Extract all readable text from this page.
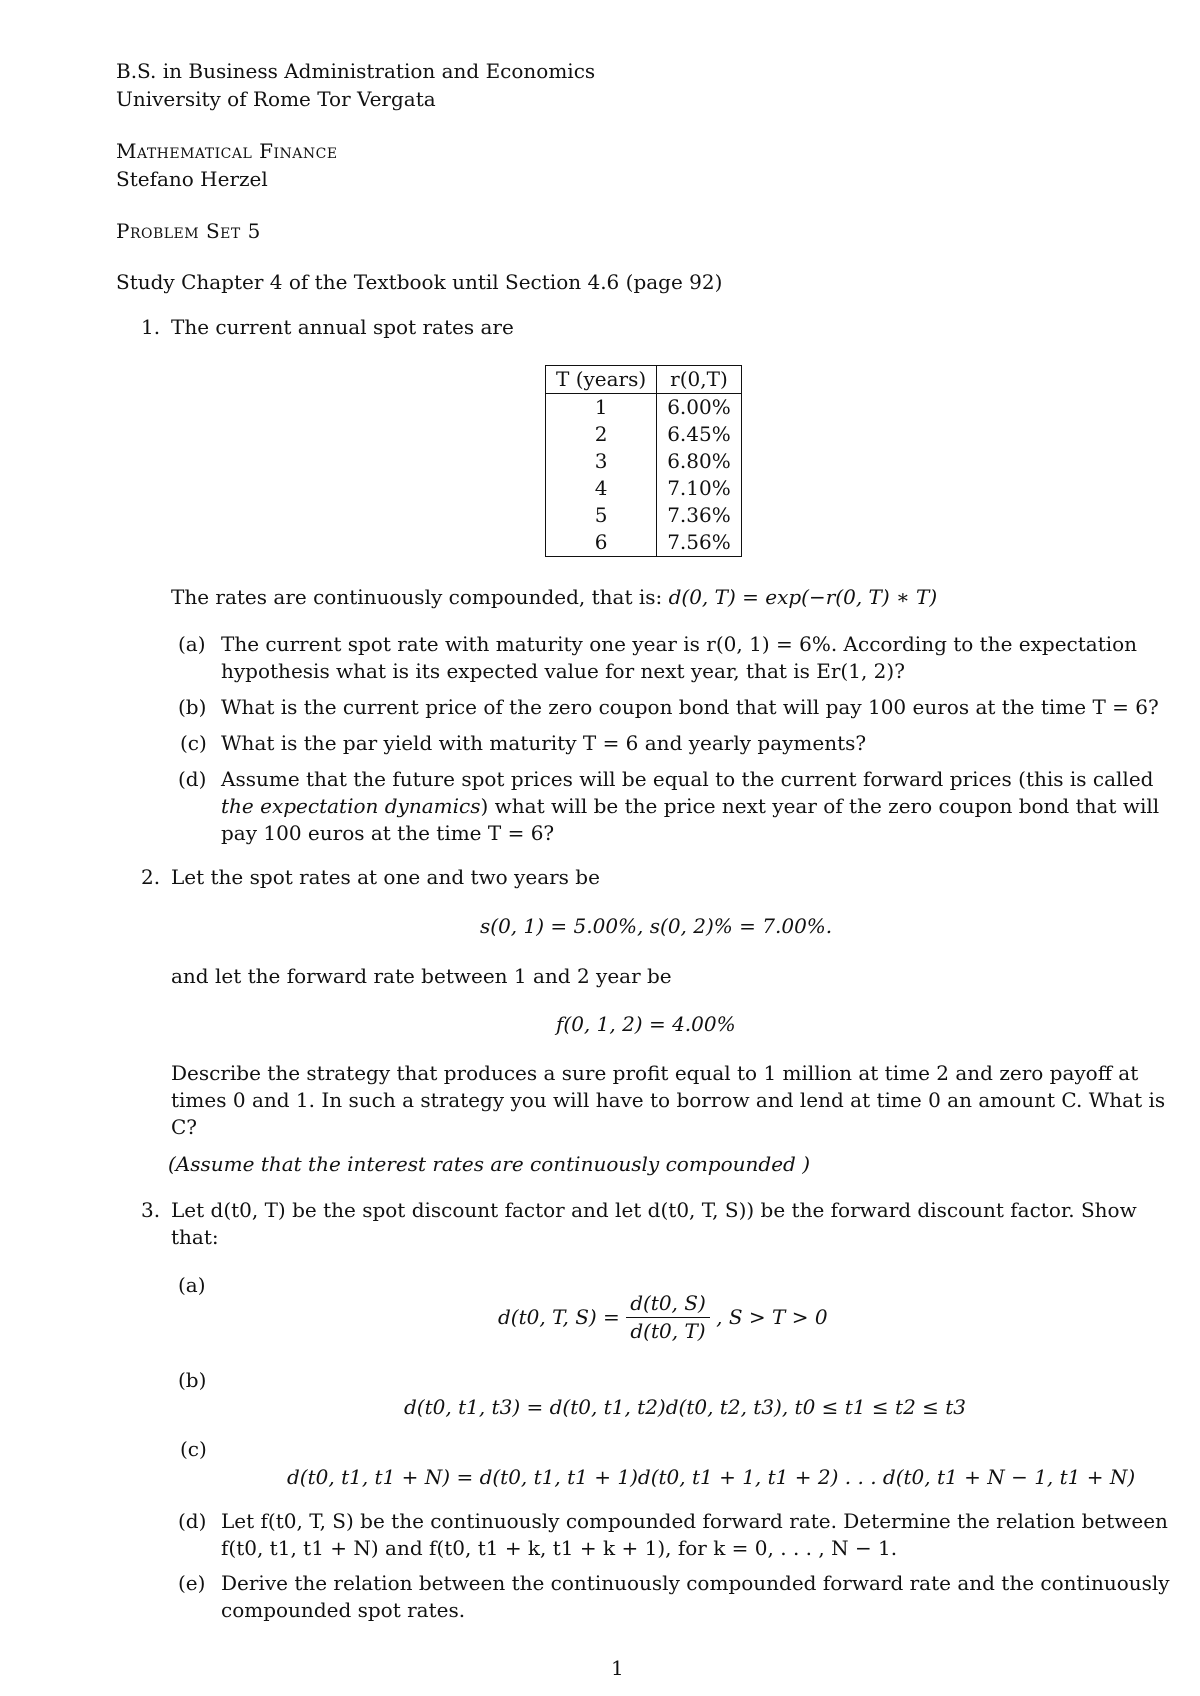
B.S. in Business Administration and Economics
University of Rome Tor Vergata
Mathematical Finance
Stefano Herzel
Problem Set 5
Study Chapter 4 of the Textbook until Section 4.6 (page 92)
1. The current annual spot rates are
T (years)	r(0,T)
1	6.00%
2	6.45%
3	6.80%
4	7.10%
5	7.36%
6	7.56%
The rates are continuously compounded, that is: d(0, T) = exp(−r(0, T) ∗ T)
(a) The current spot rate with maturity one year is r(0, 1) = 6%. According to the expectation
hypothesis what is its expected value for next year, that is Er(1, 2)?
(b) What is the current price of the zero coupon bond that will pay 100 euros at the time T = 6?
(c) What is the par yield with maturity T = 6 and yearly payments?
(d) Assume that the future spot prices will be equal to the current forward prices (this is called
the expectation dynamics) what will be the price next year of the zero coupon bond that will
pay 100 euros at the time T = 6?
2. Let the spot rates at one and two years be
s(0, 1) = 5.00%, s(0, 2)% = 7.00%.
and let the forward rate between 1 and 2 year be
f(0, 1, 2) = 4.00%
Describe the strategy that produces a sure profit equal to 1 million at time 2 and zero payoff at
times 0 and 1. In such a strategy you will have to borrow and lend at time 0 an amount C. What is
C?
(Assume that the interest rates are continuously compounded )
3. Let d(t0, T) be the spot discount factor and let d(t0, T, S)) be the forward discount factor. Show
that:
(a)
d(t0, T, $S) = \frac{d(t0, S)}{d(t0, T)}$ , S > T > 0
(b)
d(t0, t1, t3) = d(t0, t1, t2)d(t0, t2, t3), t0 ≤ t1 ≤ t2 ≤ t3
(c)
d(t0, t1, t1 + N) = d(t0, t1, t1 + 1)d(t0, t1 + 1, t1 + 2) . . . d(t0, t1 + N − 1, t1 + N)
(d) Let f(t0, T, S) be the continuously compounded forward rate. Determine the relation between
f(t0, t1, t1 + N) and f(t0, t1 + k, t1 + k + 1), for k = 0, . . . , N − 1.
(e) Derive the relation between the continuously compounded forward rate and the continuously
compounded spot rates.
1
